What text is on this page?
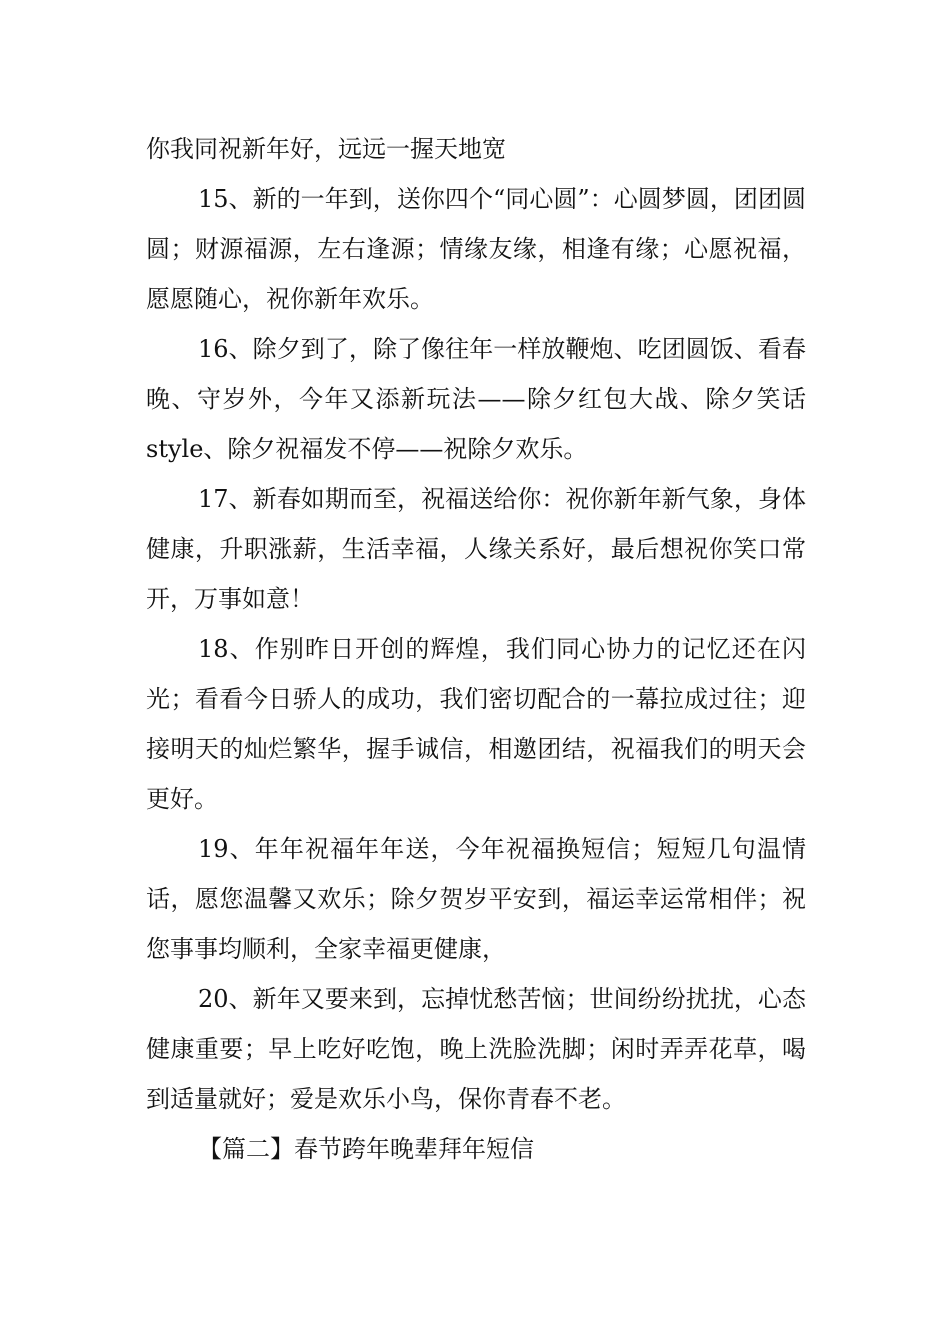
你我同祝新年好，远远一握天地宽

15、新的一年到，送你四个“同心圆”：心圆梦圆，团团圆圆；财源福源，左右逢源；情缘友缘，相逢有缘；心愿祝福，愿愿随心，祝你新年欢乐。

16、除夕到了，除了像往年一样放鞭炮、吃团圆饭、看春晚、守岁外，今年又添新玩法——除夕红包大战、除夕笑话style、除夕祝福发不停——祝除夕欢乐。

17、新春如期而至，祝福送给你：祝你新年新气象，身体健康，升职涨薪，生活幸福，人缘关系好，最后想祝你笑口常开，万事如意！

18、作别昨日开创的辉煌，我们同心协力的记忆还在闪光；看看今日骄人的成功，我们密切配合的一幕拉成过往；迎接明天的灿烂繁华，握手诚信，相邀团结，祝福我们的明天会更好。

19、年年祝福年年送，今年祝福换短信；短短几句温情话，愿您温馨又欢乐；除夕贺岁平安到，福运幸运常相伴；祝您事事均顺利，全家幸福更健康，

20、新年又要来到，忘掉忧愁苦恼；世间纷纷扰扰，心态健康重要；早上吃好吃饱，晚上洗脸洗脚；闲时弄弄花草，喝到适量就好；爱是欢乐小鸟，保你青春不老。

【篇二】春节跨年晚辈拜年短信
